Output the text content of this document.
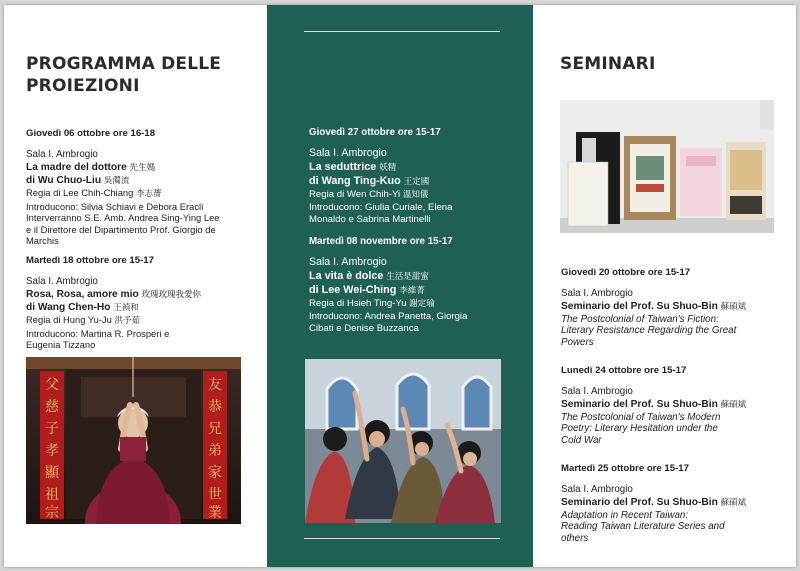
PROGRAMMA DELLE
PROIEZIONI
Giovedì 06 ottobre ore 16-18
Sala I. Ambrogio
La madre del dottore 先生媽
di Wu Chuo-Liu 吳濁流
Regia di Lee Chih-Chiang 李志薔
Introducono: Silvia Schiavi e Debora Eracli
Interverranno S.E. Amb. Andrea Sing-Ying Lee
e il Direttore del Dipartimento Prof. Giorgio de
Marchis
Martedì 18 ottobre ore 15-17
Sala I. Ambrogio
Rosa, Rosa, amore mio 玫瑰玫瑰我愛你
di Wang Chen-Ho 王禎和
Regia di Hung Yu-Ju 洪予茹
Introducono: Martina R. Prosperi e
Eugenia Tizzano
父
慈
子
孝
顯
祖
宗
友
恭
兄
弟
家
世
業
Giovedì 27 ottobre ore 15-17
Sala I. Ambrogio
La seduttrice 妖精
di Wang Ting-Kuo 王定國
Regia di Wen Chih-Yi 溫知儀
Introducono: Giulia Curiale, Elena
Monaldo e Sabrina Martinelli
Martedì 08 novembre ore 15-17
Sala I. Ambrogio
La vita è dolce 生活是甜蜜
di Lee Wei-Ching 李維菁
Regia di Hsieh Ting-Yu 謝定瑜
Introducono: Andrea Panetta, Giorgia
Cibati e Denise Buzzanca
SEMINARI
Giovedì 20 ottobre ore 15-17
Sala I. Ambrogio
Seminario del Prof. Su Shuo-Bin 蘇碩斌
The Postcolonial of Taiwan's Fiction:
Literary Resistance Regarding the Great
Powers
Lunedì 24 ottobre ore 15-17
Sala I. Ambrogio
Seminario del Prof. Su Shuo-Bin 蘇碩斌
The Postcolonial of Taiwan's Modern
Poetry: Literary Hesitation under the
Cold War
Martedì 25 ottobre ore 15-17
Sala I. Ambrogio
Seminario del Prof. Su Shuo-Bin 蘇碩斌
Adaptation in Recent Taiwan:
Reading Taiwan Literature Series and
others
